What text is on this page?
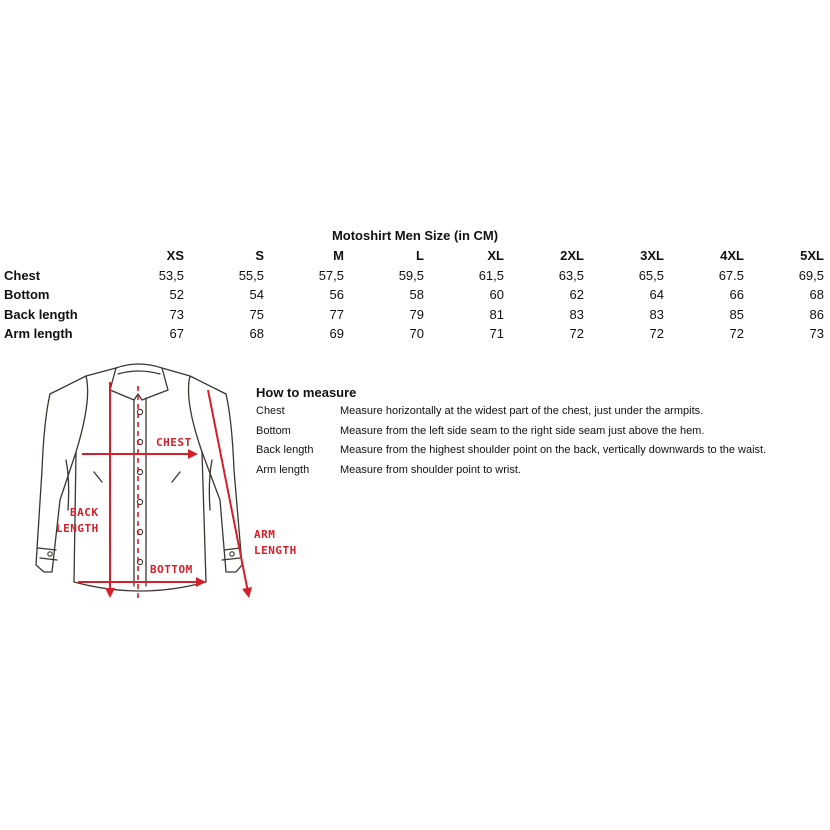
Motoshirt Men Size (in CM)
	XS	S	M	L	XL	2XL	3XL	4XL	5XL
Chest	53,5	55,5	57,5	59,5	61,5	63,5	65,5	67.5	69,5
Bottom	52	54	56	58	60	62	64	66	68
Back length	73	75	77	79	81	83	83	85	86
Arm length	67	68	69	70	71	72	72	72	73
CHEST
BACK
LENGTH	ARM
LENGTH
BOTTOM
How to measure
Chest	Measure horizontally at the widest part of the chest, just under the armpits.
Bottom	Measure from the left side seam to the right side seam just above the hem.
Back length	Measure from the highest shoulder point on the back, vertically downwards to the waist.
Arm length	Measure from shoulder point to wrist.
